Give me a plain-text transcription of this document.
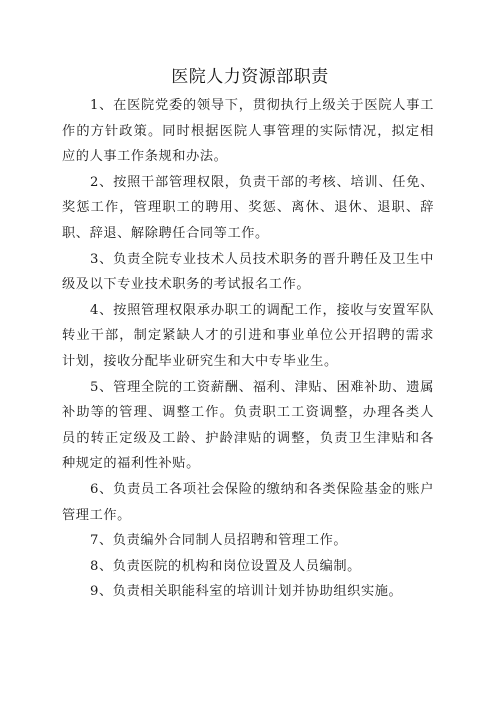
医院人力资源部职责

1、在医院党委的领导下，贯彻执行上级关于医院人事工作的方针政策。同时根据医院人事管理的实际情况，拟定相应的人事工作条规和办法。

2、按照干部管理权限，负责干部的考核、培训、任免、奖惩工作，管理职工的聘用、奖惩、离休、退休、退职、辞职、辞退、解除聘任合同等工作。

3、负责全院专业技术人员技术职务的晋升聘任及卫生中级及以下专业技术职务的考试报名工作。

4、按照管理权限承办职工的调配工作，接收与安置军队转业干部，制定紧缺人才的引进和事业单位公开招聘的需求计划，接收分配毕业研究生和大中专毕业生。

5、管理全院的工资薪酬、福利、津贴、困难补助、遗属补助等的管理、调整工作。负责职工工资调整，办理各类人员的转正定级及工龄、护龄津贴的调整，负责卫生津贴和各种规定的福利性补贴。

6、负责员工各项社会保险的缴纳和各类保险基金的账户管理工作。

7、负责编外合同制人员招聘和管理工作。

8、负责医院的机构和岗位设置及人员编制。

9、负责相关职能科室的培训计划并协助组织实施。
